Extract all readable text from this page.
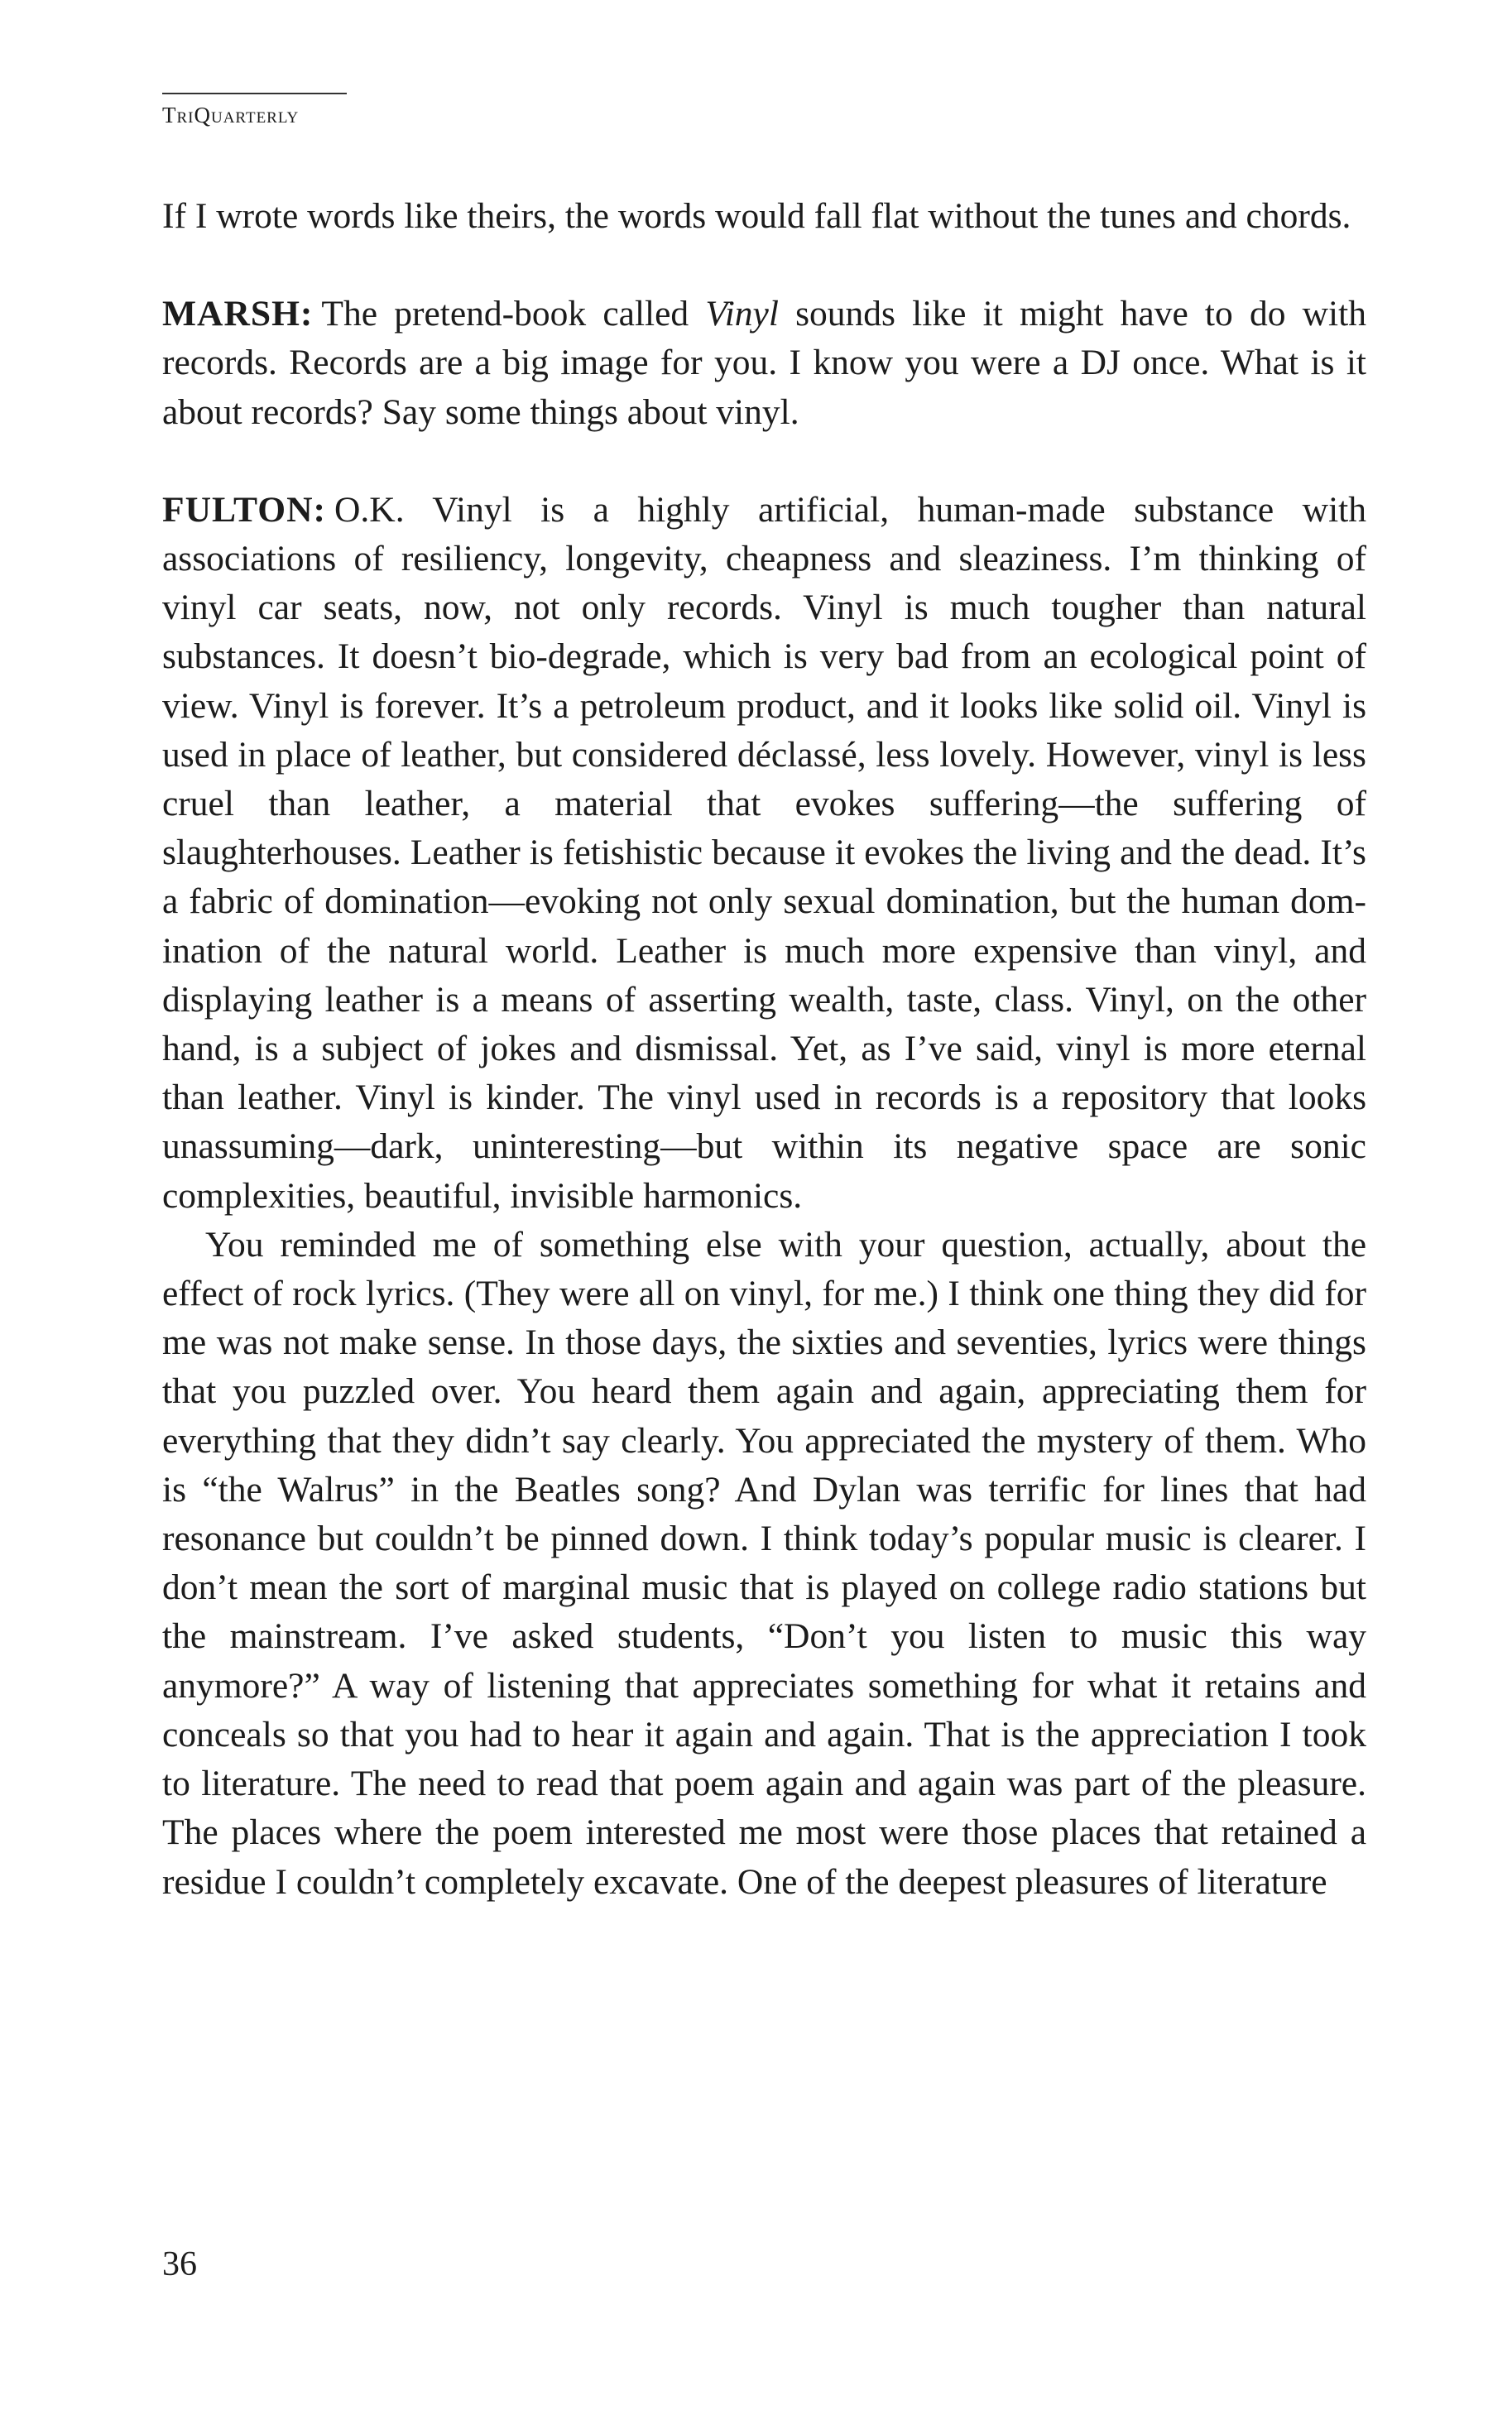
TriQuarterly

If I wrote words like theirs, the words would fall flat without the tunes and chords.

MARSH: The pretend-book called Vinyl sounds like it might have to do with records. Records are a big image for you. I know you were a DJ once. What is it about records? Say some things about vinyl.

FULTON: O.K. Vinyl is a highly artificial, human-made substance with associations of resiliency, longevity, cheapness and sleaziness. I’m thinking of vinyl car seats, now, not only records. Vinyl is much tougher than natural substances. It doesn’t bio-degrade, which is very bad from an ecological point of view. Vinyl is forever. It’s a petroleum product, and it looks like solid oil. Vinyl is used in place of leather, but considered déclassé, less lovely. However, vinyl is less cruel than leather, a material that evokes suffering—the suffering of slaughterhouses. Leather is fetishistic because it evokes the living and the dead. It’s a fabric of domination—evoking not only sexual domination, but the human domination of the natural world. Leather is much more expensive than vinyl, and displaying leather is a means of asserting wealth, taste, class. Vinyl, on the other hand, is a subject of jokes and dismissal. Yet, as I’ve said, vinyl is more eternal than leather. Vinyl is kinder. The vinyl used in records is a repository that looks unassuming—dark, uninteresting—but within its negative space are sonic complexities, beautiful, invisible harmonics.

You reminded me of something else with your question, actually, about the effect of rock lyrics. (They were all on vinyl, for me.) I think one thing they did for me was not make sense. In those days, the sixties and seventies, lyrics were things that you puzzled over. You heard them again and again, appreciating them for everything that they didn’t say clearly. You appreciated the mystery of them. Who is “the Walrus” in the Beatles song? And Dylan was terrific for lines that had resonance but couldn’t be pinned down. I think today’s popular music is clearer. I don’t mean the sort of marginal music that is played on college radio stations but the mainstream. I’ve asked students, “Don’t you listen to music this way anymore?” A way of listening that appreciates something for what it retains and conceals so that you had to hear it again and again. That is the appreciation I took to literature. The need to read that poem again and again was part of the pleasure. The places where the poem interested me most were those places that retained a residue I couldn’t completely excavate. One of the deepest pleasures of literature

36
